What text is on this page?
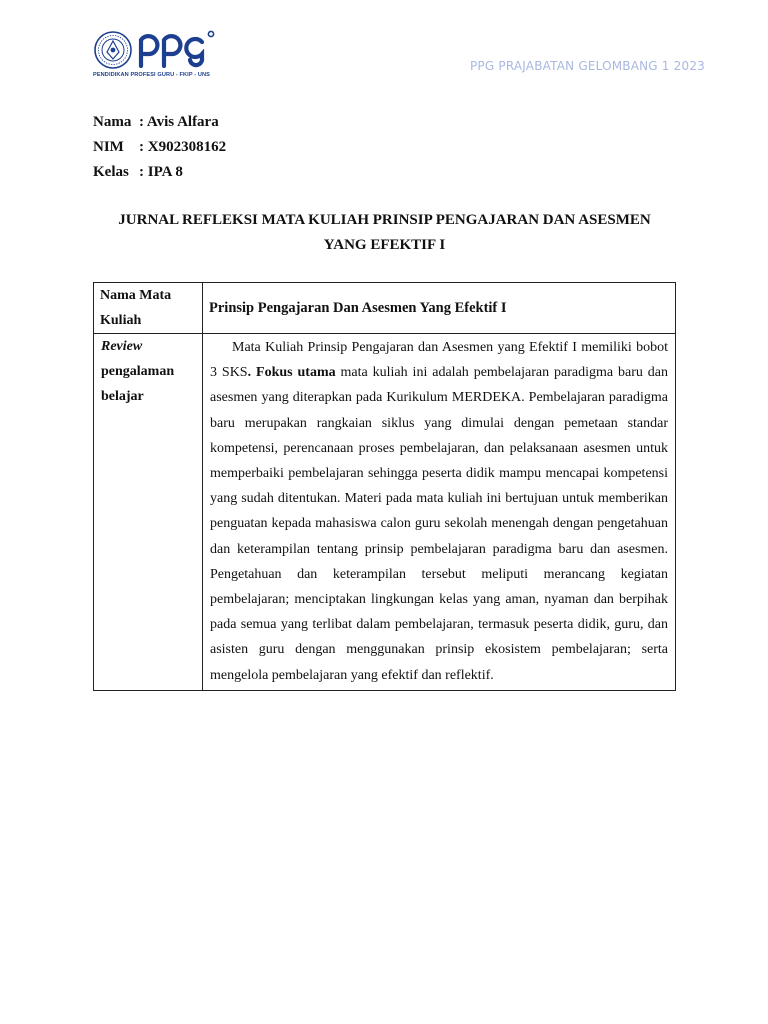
PENDIDIKAN PROFESI GURU - FKIP - UNS
PPG PRAJABATAN GELOMBANG 1 2023
Nama : Avis Alfara
NIM : X902308162
Kelas : IPA 8
JURNAL REFLEKSI MATA KULIAH PRINSIP PENGAJARAN DAN ASESMEN
YANG EFEKTIF I
Nama Mata Kuliah	Prinsip Pengajaran Dan Asesmen Yang Efektif I
Review
pengalaman belajar	Mata Kuliah Prinsip Pengajaran dan Asesmen yang Efektif I memiliki bobot 3 SKS. Fokus utama mata kuliah ini adalah pembelajaran paradigma baru dan asesmen yang diterapkan pada Kurikulum MERDEKA. Pembelajaran paradigma baru merupakan rangkaian siklus yang dimulai dengan pemetaan standar kompetensi, perencanaan proses pembelajaran, dan pelaksanaan asesmen untuk memperbaiki pembelajaran sehingga peserta didik mampu mencapai kompetensi yang sudah ditentukan. Materi pada mata kuliah ini bertujuan untuk memberikan penguatan kepada mahasiswa calon guru sekolah menengah dengan pengetahuan dan keterampilan tentang prinsip pembelajaran paradigma baru dan asesmen. Pengetahuan dan keterampilan tersebut meliputi merancang kegiatan pembelajaran; menciptakan lingkungan kelas yang aman, nyaman dan berpihak pada semua yang terlibat dalam pembelajaran, termasuk peserta didik, guru, dan asisten guru dengan menggunakan prinsip ekosistem pembelajaran; serta mengelola pembelajaran yang efektif dan reflektif.
